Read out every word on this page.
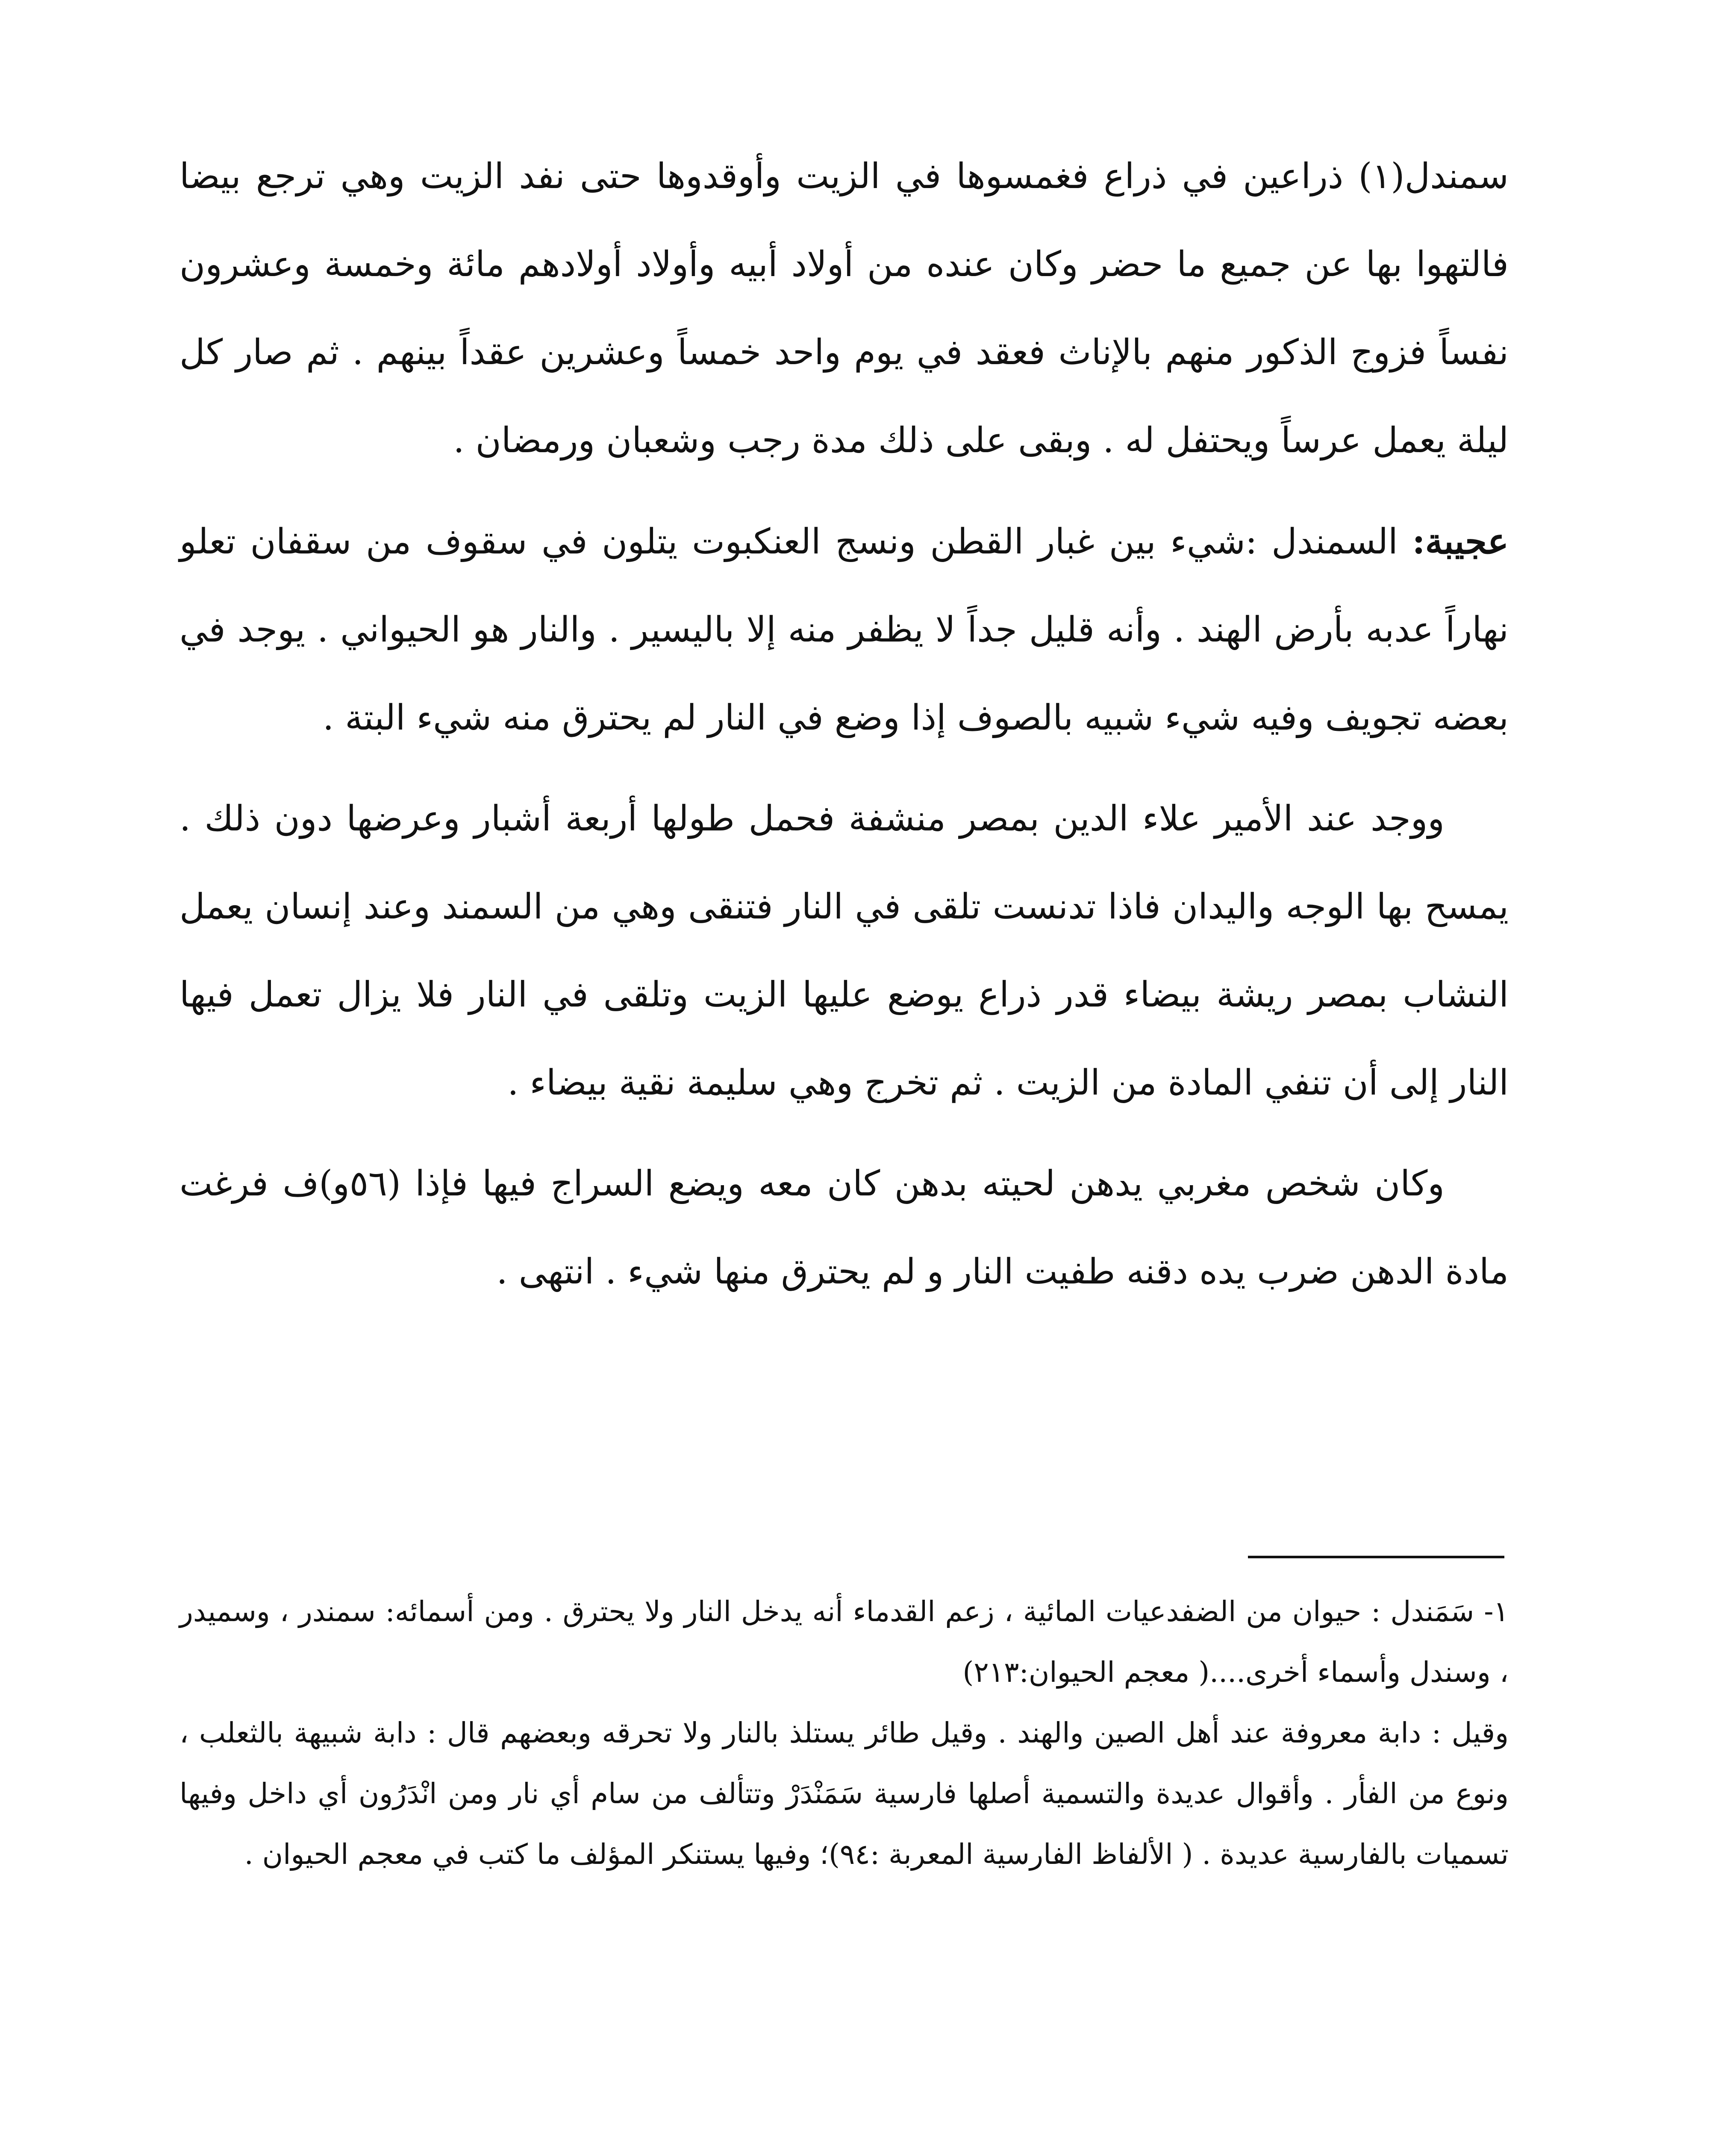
سمندل(١) ذراعين في ذراع فغمسوها في الزيت وأوقدوها حتى نفد الزيت وهي ترجع بيضا فالتهوا بها عن جميع ما حضر وكان عنده من أولاد أبيه وأولاد أولادهم مائة وخمسة وعشرون نفساً فزوج الذكور منهم بالإناث فعقد في يوم واحد خمساً وعشرين عقداً بينهم . ثم صار كل ليلة يعمل عرساً ويحتفل له . وبقى على ذلك مدة رجب وشعبان ورمضان .

عجيبة: السمندل :شيء بين غبار القطن ونسج العنكبوت يتلون في سقوف من سقفان تعلو نهاراً عدبه بأرض الهند . وأنه قليل جداً لا يظفر منه إلا باليسير . والنار هو الحيواني . يوجد في بعضه تجويف وفيه شيء شبيه بالصوف إذا وضع في النار لم يحترق منه شيء البتة .

ووجد عند الأمير علاء الدين بمصر منشفة فحمل طولها أربعة أشبار وعرضها دون ذلك . يمسح بها الوجه واليدان فاذا تدنست تلقى في النار فتنقى وهي من السمند وعند إنسان يعمل النشاب بمصر ريشة بيضاء قدر ذراع يوضع عليها الزيت وتلقى في النار فلا يزال تعمل فيها النار إلى أن تنفي المادة من الزيت . ثم تخرج وهي سليمة نقية بيضاء .

وكان شخص مغربي يدهن لحيته بدهن كان معه ويضع السراج فيها فإذا (٥٦و)ف فرغت مادة الدهن ضرب يده دقنه طفيت النار و لم يحترق منها شيء . انتهى .

١- سَمَندل : حيوان من الضفدعيات المائية ، زعم القدماء أنه يدخل النار ولا يحترق . ومن أسمائه: سمندر ، وسميدر ، وسندل وأسماء أخرى....( معجم الحيوان:٢١٣)

وقيل : دابة معروفة عند أهل الصين والهند . وقيل طائر يستلذ بالنار ولا تحرقه وبعضهم قال : دابة شبيهة بالثعلب ، ونوع من الفأر . وأقوال عديدة والتسمية أصلها فارسية سَمَنْدَرْ وتتألف من سام أي نار ومن انْدَرُون أي داخل وفيها تسميات بالفارسية عديدة . ( الألفاظ الفارسية المعربة :٩٤)؛ وفيها يستنكر المؤلف ما كتب في معجم الحيوان .
